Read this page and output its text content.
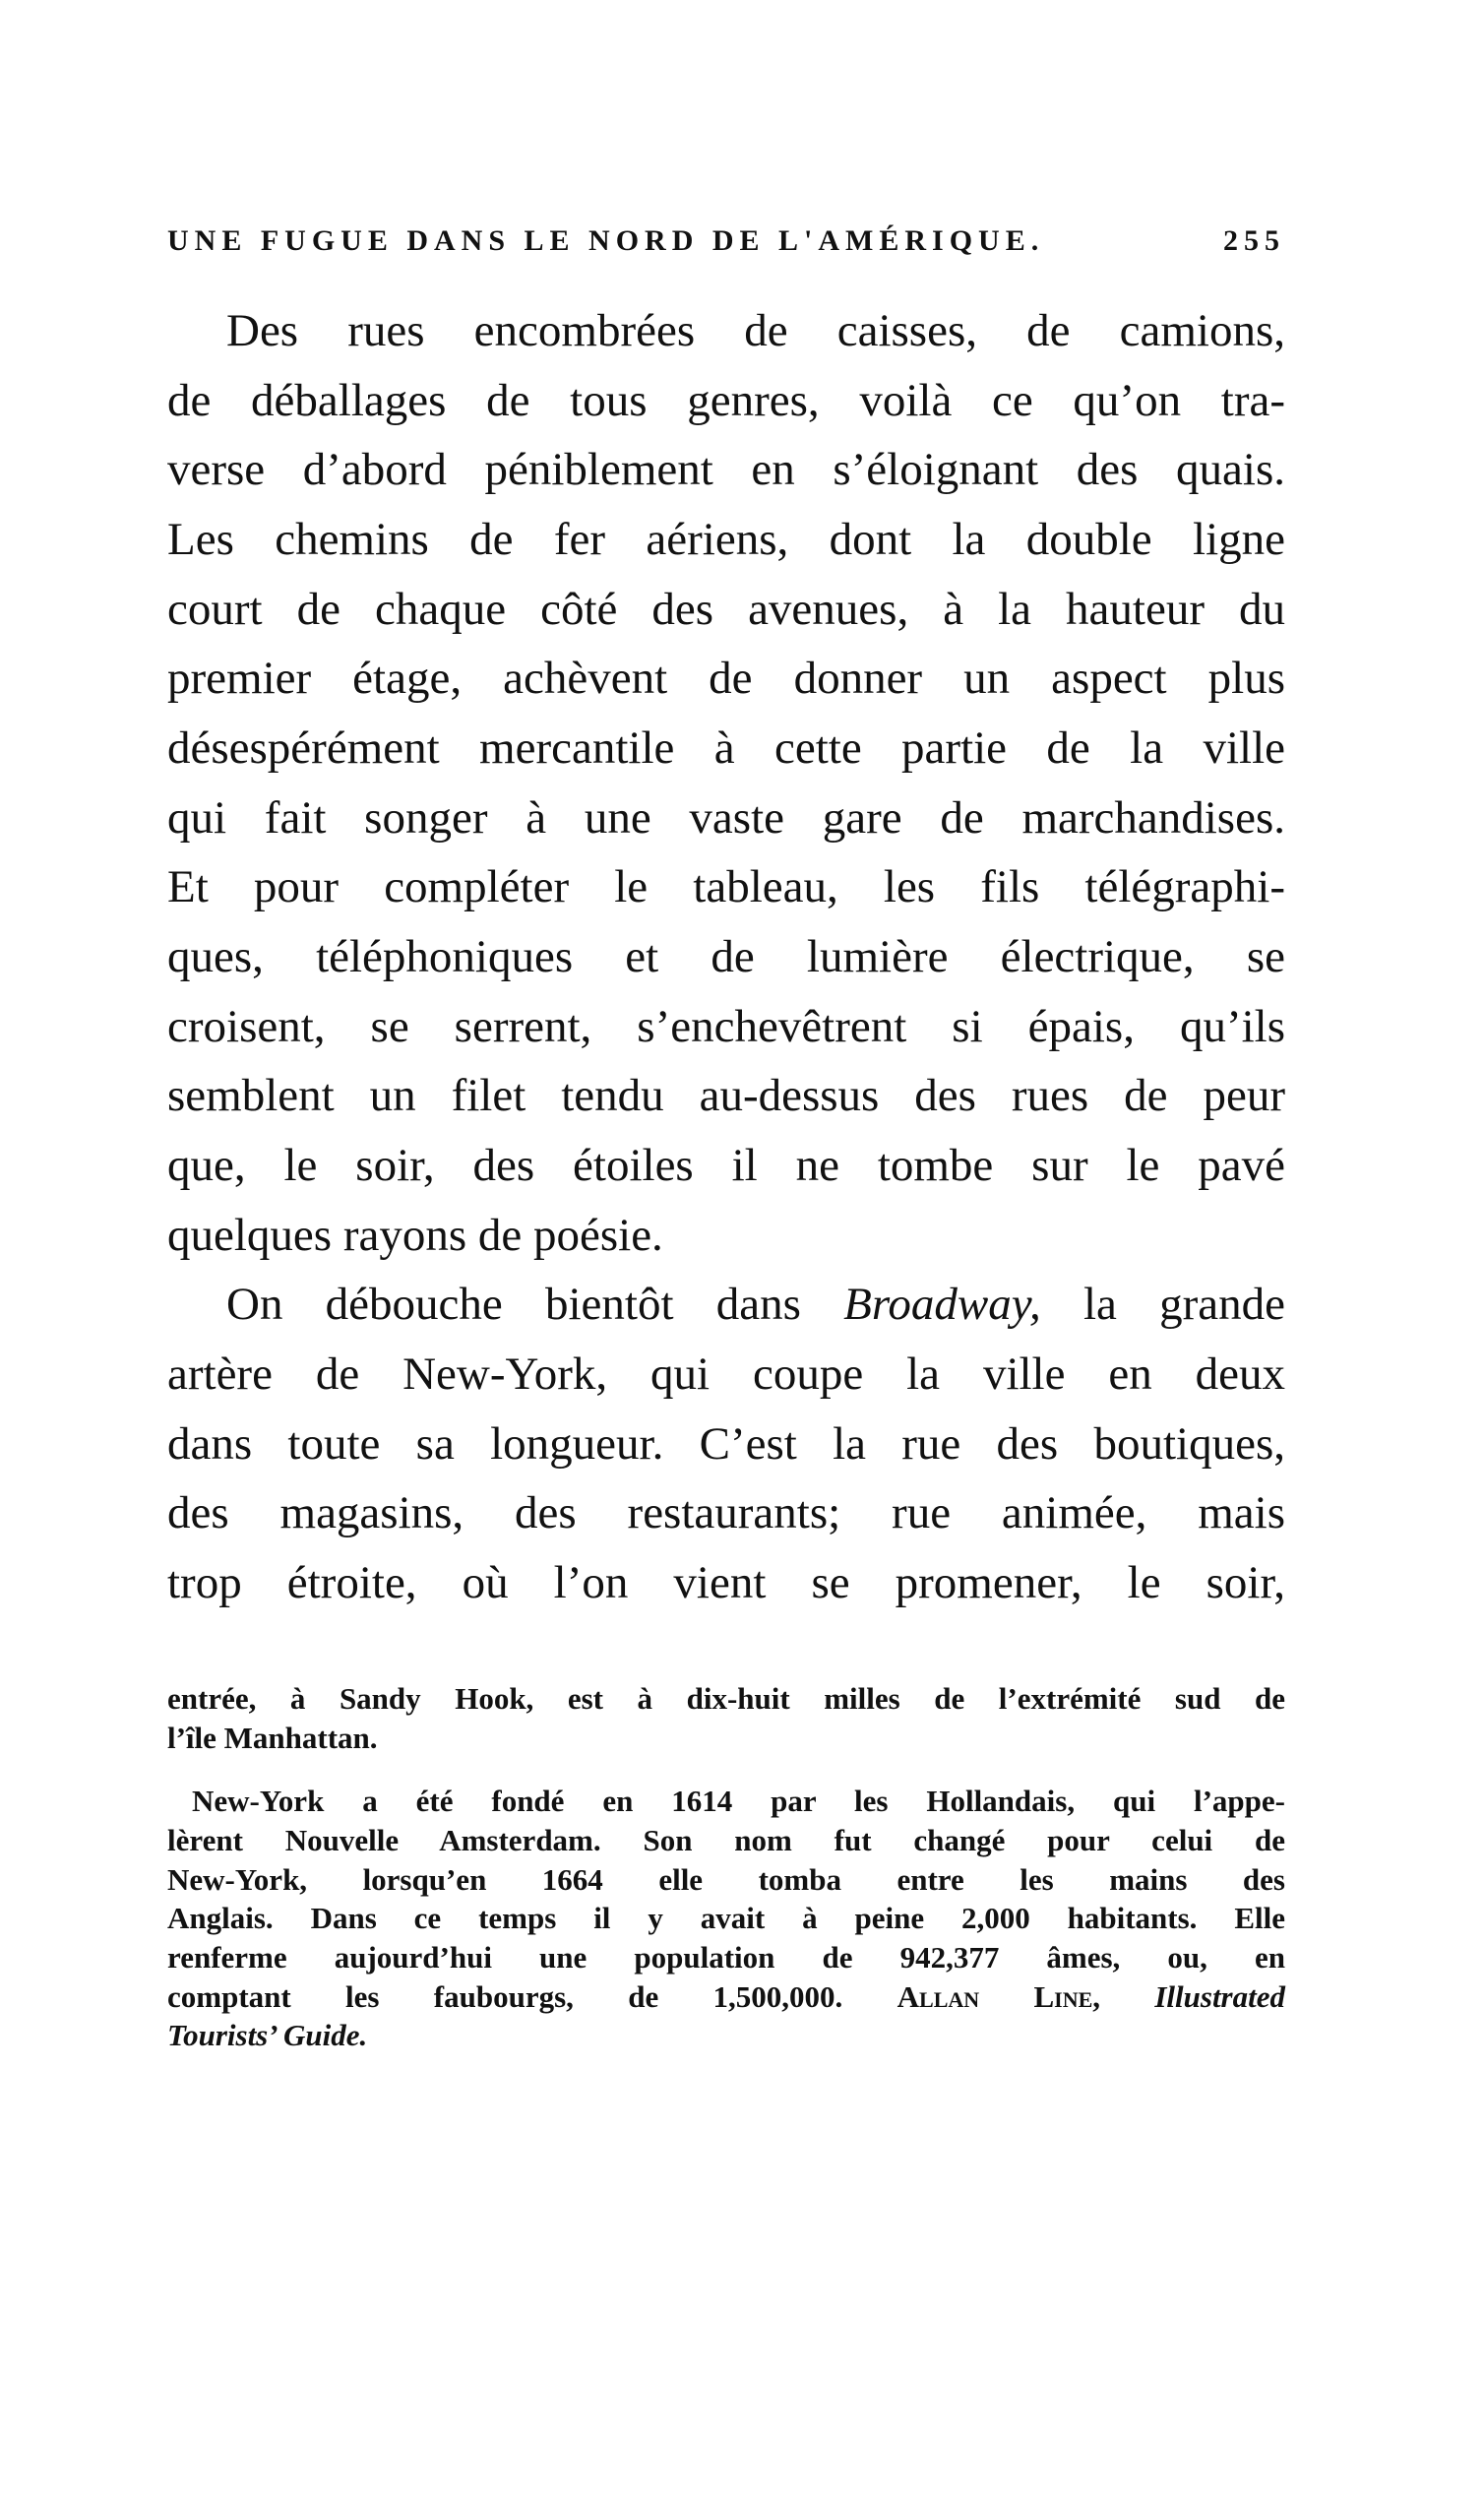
UNE FUGUE DANS LE NORD DE L'AMÉRIQUE.	255
Des rues encombrées de caisses, de camions,
de déballages de tous genres, voilà ce qu’on tra-
verse d’abord péniblement en s’éloignant des quais.
Les chemins de fer aériens, dont la double ligne
court de chaque côté des avenues, à la hauteur du
premier étage, achèvent de donner un aspect plus
désespérément mercantile à cette partie de la ville
qui fait songer à une vaste gare de marchandises.
Et pour compléter le tableau, les fils télégraphi-
ques, téléphoniques et de lumière électrique, se
croisent, se serrent, s’enchevêtrent si épais, qu’ils
semblent un filet tendu au-dessus des rues de peur
que, le soir, des étoiles il ne tombe sur le pavé
quelques rayons de poésie.
On débouche bientôt dans Broadway, la grande
artère de New-York, qui coupe la ville en deux
dans toute sa longueur. C’est la rue des boutiques,
des magasins, des restaurants; rue animée, mais
trop étroite, où l’on vient se promener, le soir,
entrée, à Sandy Hook, est à dix-huit milles de l’extrémité sud de
l’île Manhattan.
New-York a été fondé en 1614 par les Hollandais, qui l’appe-
lèrent Nouvelle Amsterdam. Son nom fut changé pour celui de
New-York, lorsqu’en 1664 elle tomba entre les mains des
Anglais. Dans ce temps il y avait à peine 2,000 habitants. Elle
renferme aujourd’hui une population de 942,377 âmes, ou, en
comptant les faubourgs, de 1,500,000. Allan Line, Illustrated
Tourists’ Guide.
